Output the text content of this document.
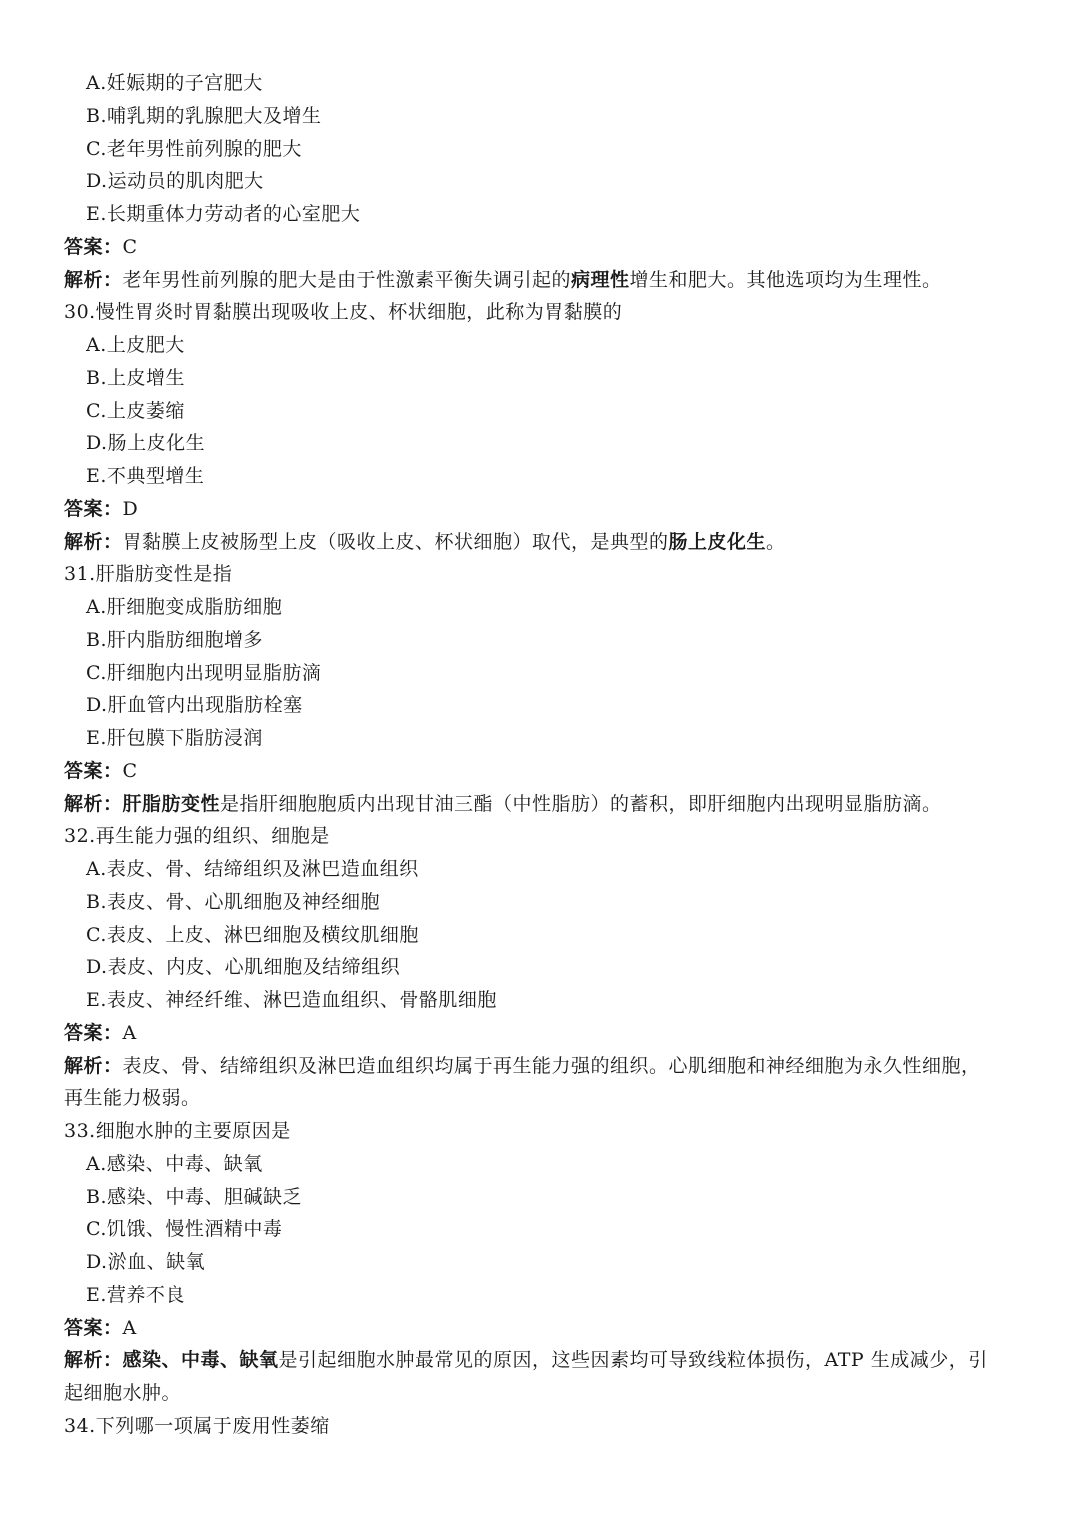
A.妊娠期的子宫肥大
B.哺乳期的乳腺肥大及增生
C.老年男性前列腺的肥大
D.运动员的肌肉肥大
E.长期重体力劳动者的心室肥大
答案：C
解析：老年男性前列腺的肥大是由于性激素平衡失调引起的病理性增生和肥大。其他选项均为生理性。
30.慢性胃炎时胃黏膜出现吸收上皮、杯状细胞，此称为胃黏膜的
A.上皮肥大
B.上皮增生
C.上皮萎缩
D.肠上皮化生
E.不典型增生
答案：D
解析：胃黏膜上皮被肠型上皮（吸收上皮、杯状细胞）取代，是典型的肠上皮化生。
31.肝脂肪变性是指
A.肝细胞变成脂肪细胞
B.肝内脂肪细胞增多
C.肝细胞内出现明显脂肪滴
D.肝血管内出现脂肪栓塞
E.肝包膜下脂肪浸润
答案：C
解析：肝脂肪变性是指肝细胞胞质内出现甘油三酯（中性脂肪）的蓄积，即肝细胞内出现明显脂肪滴。
32.再生能力强的组织、细胞是
A.表皮、骨、结缔组织及淋巴造血组织
B.表皮、骨、心肌细胞及神经细胞
C.表皮、上皮、淋巴细胞及横纹肌细胞
D.表皮、内皮、心肌细胞及结缔组织
E.表皮、神经纤维、淋巴造血组织、骨骼肌细胞
答案：A
解析：表皮、骨、结缔组织及淋巴造血组织均属于再生能力强的组织。心肌细胞和神经细胞为永久性细胞，
再生能力极弱。
33.细胞水肿的主要原因是
A.感染、中毒、缺氧
B.感染、中毒、胆碱缺乏
C.饥饿、慢性酒精中毒
D.淤血、缺氧
E.营养不良
答案：A
解析：感染、中毒、缺氧是引起细胞水肿最常见的原因，这些因素均可导致线粒体损伤，ATP 生成减少，引
起细胞水肿。
34.下列哪一项属于废用性萎缩
